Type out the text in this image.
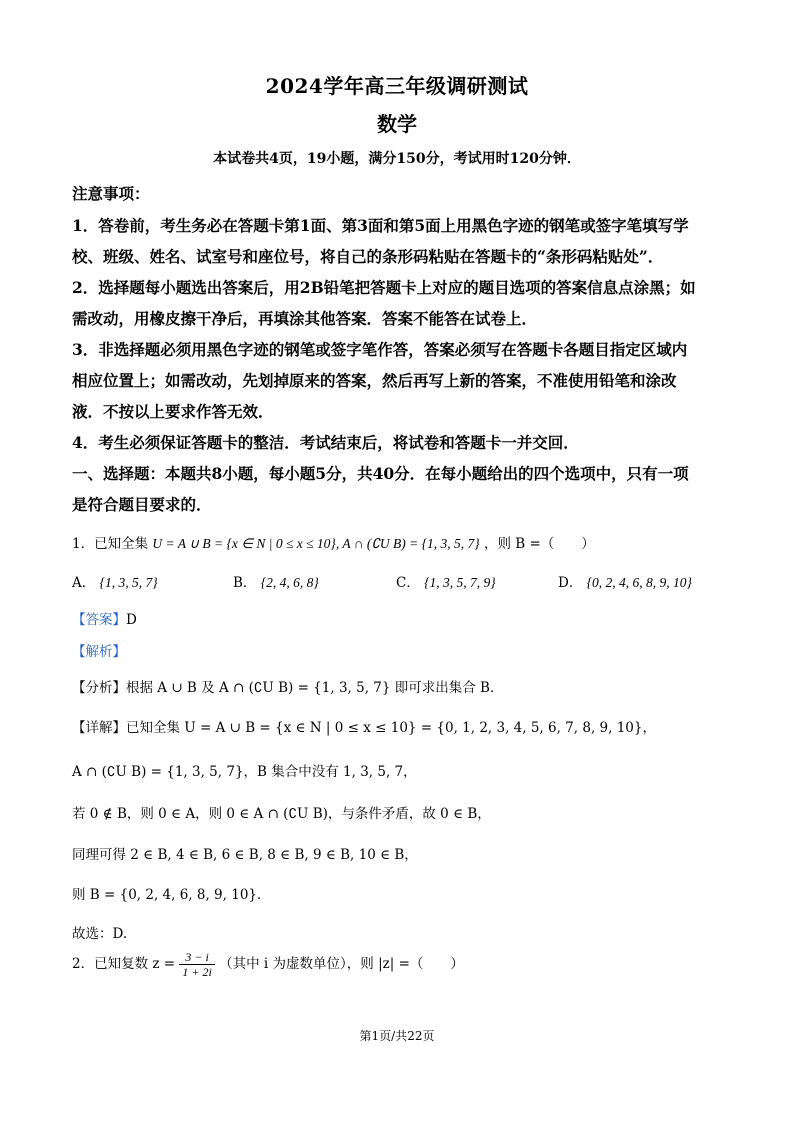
2024学年高三年级调研测试
数学
本试卷共4页，19小题，满分150分，考试用时120分钟．
注意事项：
1．答卷前，考生务必在答题卡第1面、第3面和第5面上用黑色字迹的钢笔或签字笔填写学
校、班级、姓名、试室号和座位号，将自己的条形码粘贴在答题卡的“条形码粘贴处”．
2．选择题每小题选出答案后，用2B铅笔把答题卡上对应的题目选项的答案信息点涂黑；如
需改动，用橡皮擦干净后，再填涂其他答案．答案不能答在试卷上．
3．非选择题必须用黑色字迹的钢笔或签字笔作答，答案必须写在答题卡各题目指定区域内
相应位置上；如需改动，先划掉原来的答案，然后再写上新的答案，不准使用铅笔和涂改
液．不按以上要求作答无效．
4．考生必须保证答题卡的整洁．考试结束后，将试卷和答题卡一并交回．
一、选择题：本题共8小题，每小题5分，共40分．在每小题给出的四个选项中，只有一项
是符合题目要求的．
1．已知全集 U = A ∪ B = {x ∈ N | 0 ≤ x ≤ 10}, A ∩ (∁U B) = {1, 3, 5, 7} ，则 B =（　　）
A． {1, 3, 5, 7}	B． {2, 4, 6, 8}	C． {1, 3, 5, 7, 9}	D． {0, 2, 4, 6, 8, 9, 10}
【答案】D
【解析】
【分析】根据 A ∪ B 及 A ∩ (∁U B) = {1, 3, 5, 7} 即可求出集合 B．
【详解】已知全集 U = A ∪ B = {x ∈ N | 0 ≤ x ≤ 10} = {0, 1, 2, 3, 4, 5, 6, 7, 8, 9, 10}，
A ∩ (∁U B) = {1, 3, 5, 7}，B 集合中没有 1, 3, 5, 7，
若 0 ∉ B，则 0 ∈ A，则 0 ∈ A ∩ (∁U B)，与条件矛盾，故 0 ∈ B，
同理可得 2 ∈ B, 4 ∈ B, 6 ∈ B, 8 ∈ B, 9 ∈ B, 10 ∈ B，
则 B = {0, 2, 4, 6, 8, 9, 10}．
故选：D.
2．已知复数 $z = \frac{3 - i}{1 + 2i}$ （其中 i 为虚数单位），则 |z| =（　　）
第1页/共22页
